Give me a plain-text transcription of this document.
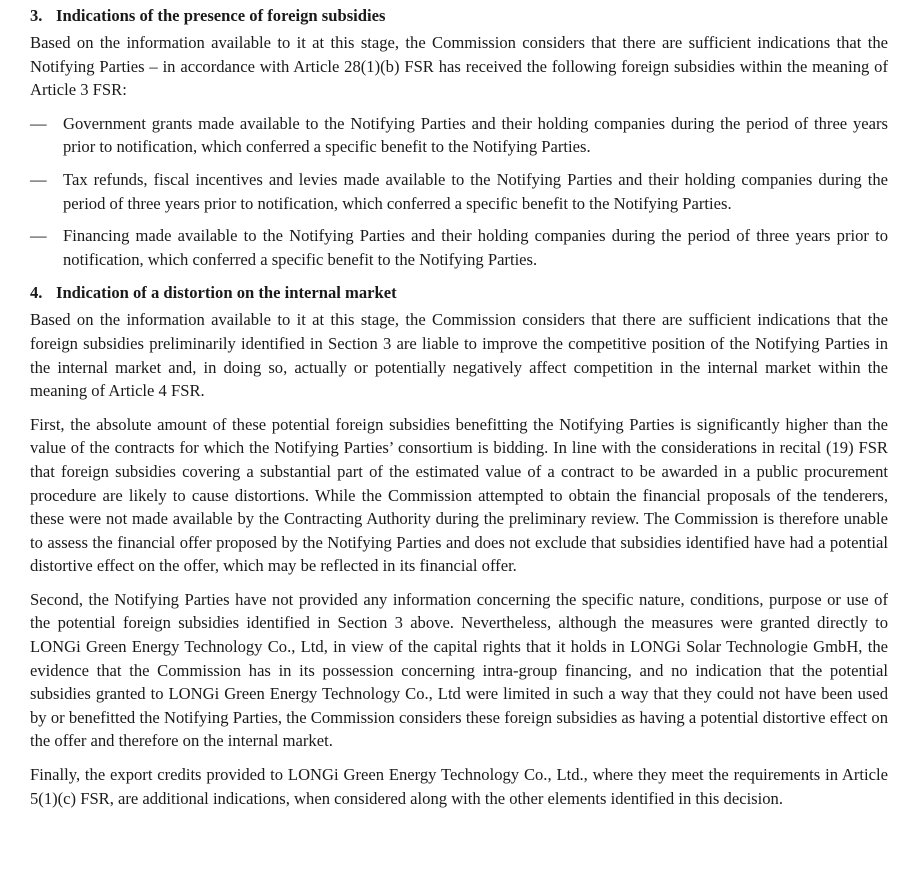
3. Indications of the presence of foreign subsidies

Based on the information available to it at this stage, the Commission considers that there are sufficient indications that the Notifying Parties – in accordance with Article 28(1)(b) FSR has received the following foreign subsidies within the meaning of Article 3 FSR:

— Government grants made available to the Notifying Parties and their holding companies during the period of three years prior to notification, which conferred a specific benefit to the Notifying Parties.
— Tax refunds, fiscal incentives and levies made available to the Notifying Parties and their holding companies during the period of three years prior to notification, which conferred a specific benefit to the Notifying Parties.
— Financing made available to the Notifying Parties and their holding companies during the period of three years prior to notification, which conferred a specific benefit to the Notifying Parties.
4. Indication of a distortion on the internal market

Based on the information available to it at this stage, the Commission considers that there are sufficient indications that the foreign subsidies preliminarily identified in Section 3 are liable to improve the competitive position of the Notifying Parties in the internal market and, in doing so, actually or potentially negatively affect competition in the internal market within the meaning of Article 4 FSR.

First, the absolute amount of these potential foreign subsidies benefitting the Notifying Parties is significantly higher than the value of the contracts for which the Notifying Parties’ consortium is bidding. In line with the considerations in recital (19) FSR that foreign subsidies covering a substantial part of the estimated value of a contract to be awarded in a public procurement procedure are likely to cause distortions. While the Commission attempted to obtain the financial proposals of the tenderers, these were not made available by the Contracting Authority during the preliminary review. The Commission is therefore unable to assess the financial offer proposed by the Notifying Parties and does not exclude that subsidies identified have had a potential distortive effect on the offer, which may be reflected in its financial offer.

Second, the Notifying Parties have not provided any information concerning the specific nature, conditions, purpose or use of the potential foreign subsidies identified in Section 3 above. Nevertheless, although the measures were granted directly to LONGi Green Energy Technology Co., Ltd, in view of the capital rights that it holds in LONGi Solar Technologie GmbH, the evidence that the Commission has in its possession concerning intra-group financing, and no indication that the potential subsidies granted to LONGi Green Energy Technology Co., Ltd were limited in such a way that they could not have been used by or benefitted the Notifying Parties, the Commission considers these foreign subsidies as having a potential distortive effect on the offer and therefore on the internal market.

Finally, the export credits provided to LONGi Green Energy Technology Co., Ltd., where they meet the requirements in Article 5(1)(c) FSR, are additional indications, when considered along with the other elements identified in this decision.
